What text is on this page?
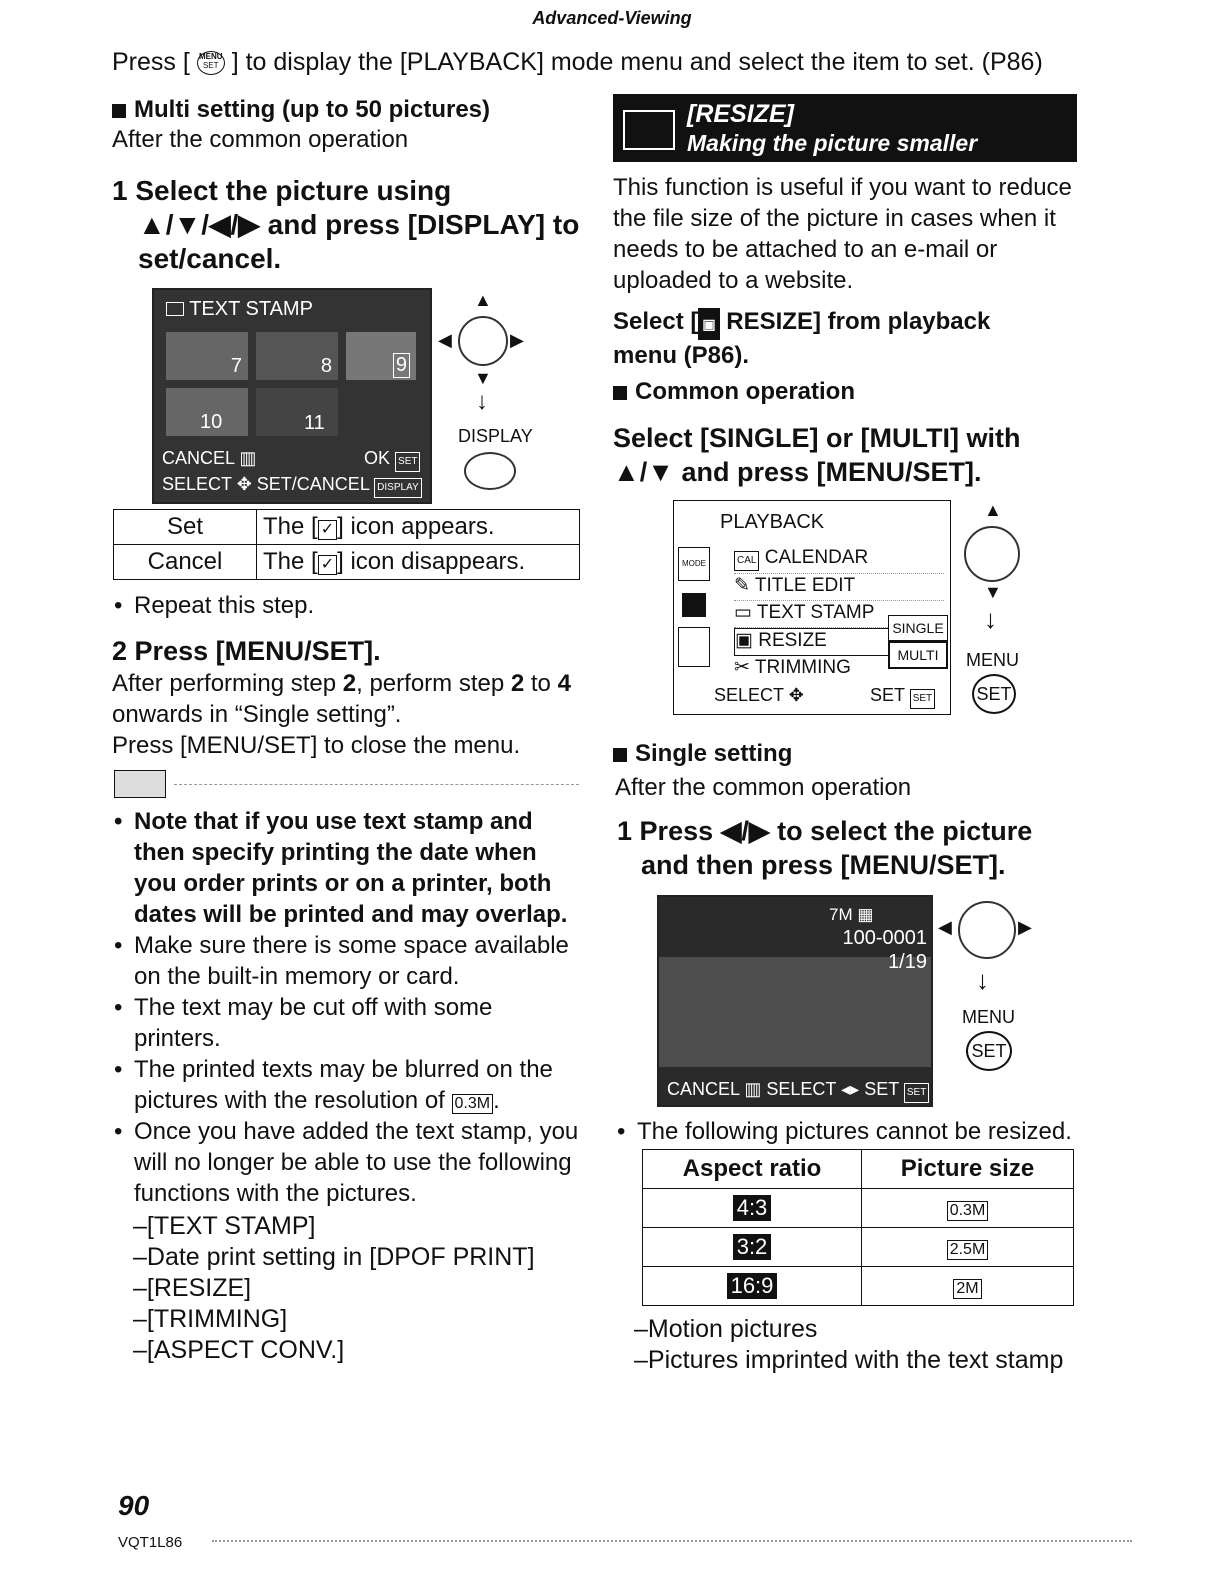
Advanced-Viewing
Press [ MENU
SET ] to display the [PLAYBACK] mode menu and select the item to set. (P86)
Multi setting (up to 50 pictures)
After the common operation
1 Select the picture using
▲/▼/◀/▶ and press [DISPLAY] to
set/cancel.
TEXT STAMP
7	8	9
10	11
CANCEL ▥	OK SET
SELECT ✥ SET/CANCEL DISPLAY
▲
◀	▶
▼
↓
DISPLAY
Set	The [ ✓ ] icon appears.
Cancel	The [ ✓ ] icon disappears.
• Repeat this step.
2 Press [MENU/SET].
After performing step 2, perform step 2 to 4
onwards in “Single setting”.
Press [MENU/SET] to close the menu.
• Note that if you use text stamp and then specify printing the date when you order prints or on a printer, both dates will be printed and may overlap.
• Make sure there is some space available on the built-in memory or card.
• The text may be cut off with some printers.
• The printed texts may be blurred on the pictures with the resolution of 0.3M .
• Once you have added the text stamp, you will no longer be able to use the following functions with the pictures.
–[TEXT STAMP]
–Date print setting in [DPOF PRINT]
–[RESIZE]
–[TRIMMING]
–[ASPECT CONV.]
[RESIZE]
Making the picture smaller
This function is useful if you want to reduce the file size of the picture in cases when it needs to be attached to an e-mail or uploaded to a website.
Select [ ▣ RESIZE] from playback menu (P86).
Common operation
Select [SINGLE] or [MULTI] with
▲/▼ and press [MENU/SET].
PLAYBACK
MODE	CAL CALENDAR
✎ TITLE EDIT
▭ TEXT STAMP
▣ RESIZE
✂ TRIMMING
SINGLE
MULTI
SELECT ✥	SET SET
▲
▼
↓
MENU
SET
Single setting
After the common operation
1 Press ◀/▶ to select the picture
and then press [MENU/SET].
7M ▦
100-0001
1/19
CANCEL ▥ SELECT ◂▸ SET SET
◀	▶
↓
MENU
SET
• The following pictures cannot be resized.
Aspect ratio	Picture size
4:3	0.3M
3:2	2.5M
16:9	2M
–Motion pictures
–Pictures imprinted with the text stamp
90
VQT1L86
